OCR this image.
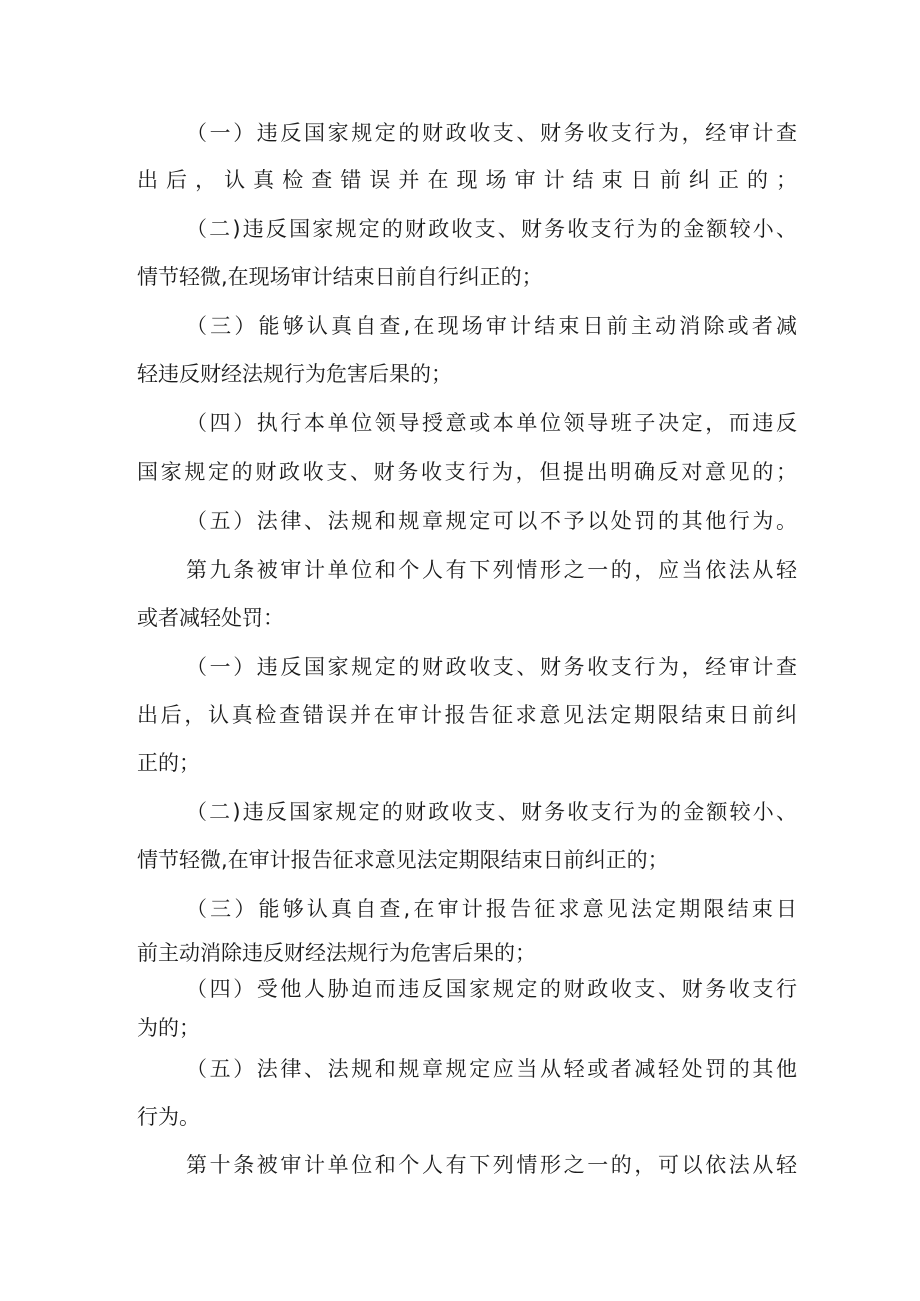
（一）违反国家规定的财政收支、财务收支行为，经审计查
出后，认真检查错误并在现场审计结束日前纠正的；
（二)违反国家规定的财政收支、财务收支行为的金额较小、
情节轻微,在现场审计结束日前自行纠正的；
（三）能够认真自查,在现场审计结束日前主动消除或者减
轻违反财经法规行为危害后果的；
（四）执行本单位领导授意或本单位领导班子决定，而违反
国家规定的财政收支、财务收支行为，但提出明确反对意见的；
（五）法律、法规和规章规定可以不予以处罚的其他行为。
第九条被审计单位和个人有下列情形之一的，应当依法从轻
或者减轻处罚：
（一）违反国家规定的财政收支、财务收支行为，经审计查
出后，认真检查错误并在审计报告征求意见法定期限结束日前纠
正的；
（二)违反国家规定的财政收支、财务收支行为的金额较小、
情节轻微,在审计报告征求意见法定期限结束日前纠正的；
（三）能够认真自查,在审计报告征求意见法定期限结束日
前主动消除违反财经法规行为危害后果的；
（四）受他人胁迫而违反国家规定的财政收支、财务收支行
为的；
（五）法律、法规和规章规定应当从轻或者减轻处罚的其他
行为。
第十条被审计单位和个人有下列情形之一的，可以依法从轻
